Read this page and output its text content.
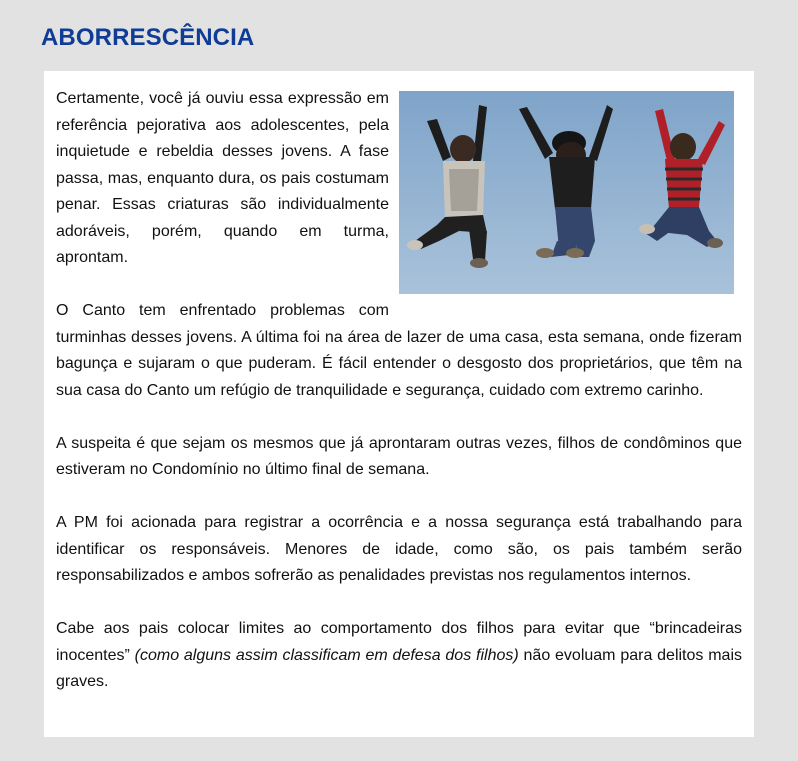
ABORRESCÊNCIA

Certamente, você já ouviu essa expressão em referência pejorativa aos adolescentes, pela inquietude e rebeldia desses jovens. A fase passa, mas, enquanto dura, os pais costumam penar. Essas criaturas são individualmente adoráveis, porém, quando em turma, aprontam.

O Canto tem enfrentado problemas com turminhas desses jovens. A última foi na área de lazer de uma casa, esta semana, onde fizeram bagunça e sujaram o que puderam. É fácil entender o desgosto dos proprietários, que têm na sua casa do Canto um refúgio de tranquilidade e segurança, cuidado com extremo carinho.

A suspeita é que sejam os mesmos que já aprontaram outras vezes, filhos de condôminos que estiveram no Condomínio no último final de semana.

A PM foi acionada para registrar a ocorrência e a nossa segurança está trabalhando para identificar os responsáveis. Menores de idade, como são, os pais também serão responsabilizados e ambos sofrerão as penalidades previstas nos regulamentos internos.

Cabe aos pais colocar limites ao comportamento dos filhos para evitar que “brincadeiras inocentes” (como alguns assim classificam em defesa dos filhos) não evoluam para delitos mais graves.
